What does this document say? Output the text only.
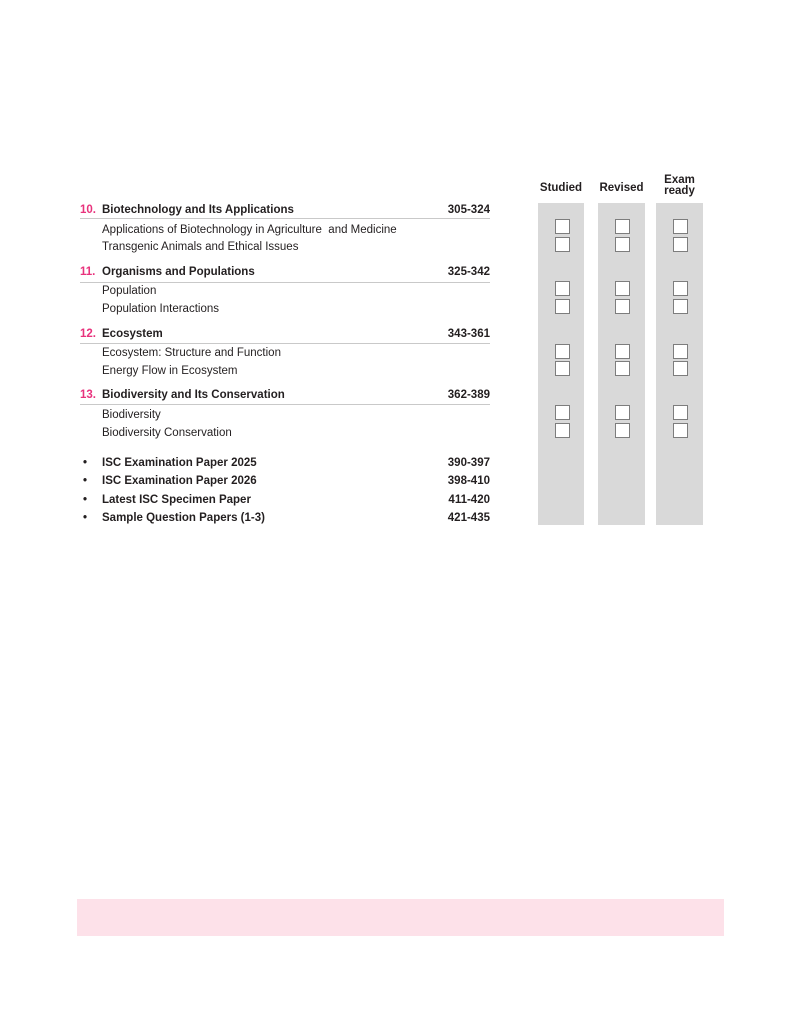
Studied Revised
Exam ready
10. Biotechnology and Its Applications	305-324
Applications of Biotechnology in Agriculture  and Medicine
Transgenic Animals and Ethical Issues
11. Organisms and Populations	325-342
Population
Population Interactions
12. Ecosystem	343-361
Ecosystem: Structure and Function
Energy Flow in Ecosystem
13. Biodiversity and Its Conservation	362-389
Biodiversity
Biodiversity Conservation
• ISC Examination Paper 2025	390-397
• ISC Examination Paper 2026	398-410
• Latest ISC Specimen Paper	411-420
• Sample Question Papers (1-3)	421-435
